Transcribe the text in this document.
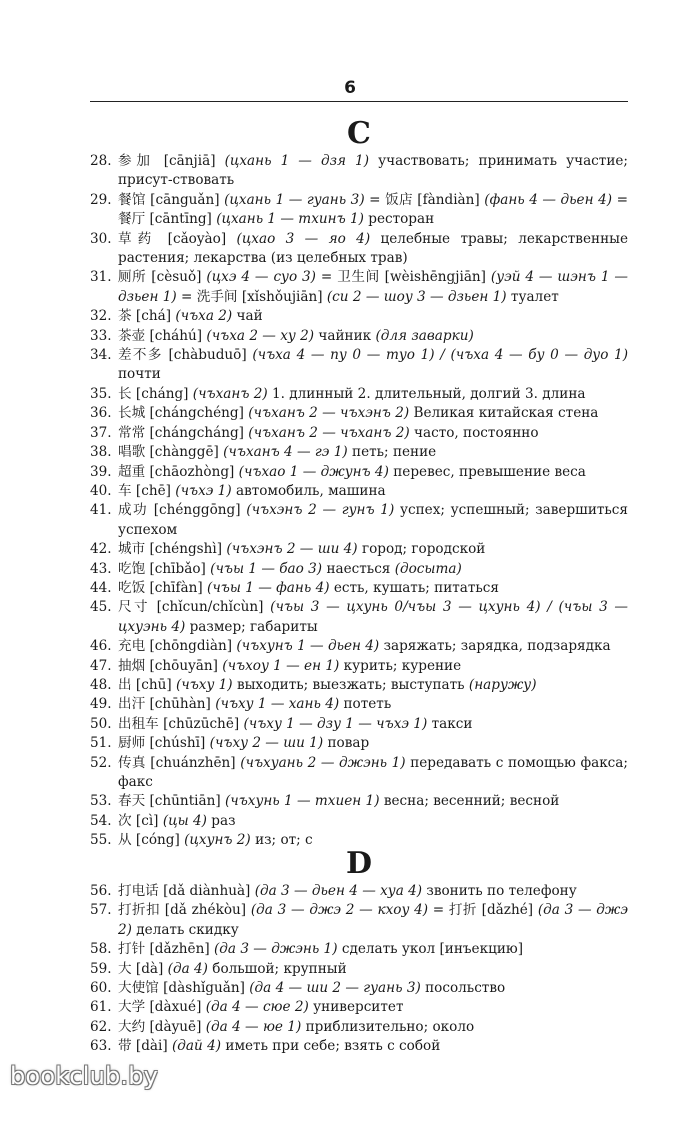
6
C
28. 参加 [cānjiā] (цхань 1 — дзя 1) участвовать; принимать участие; присут-ствовать
29. 餐馆 [cānguǎn] (цхань 1 — гуань 3) = 饭店 [fàndiàn] (фань 4 — дьен 4) = 餐厅 [cāntīng] (цхань 1 — тхинъ 1) ресторан
30. 草药 [cǎoyào] (цхао 3 — яо 4) целебные травы; лекарственные растения; лекарства (из целебных трав)
31. 厕所 [cèsuǒ] (цхэ 4 — суо 3) = 卫生间 [wèishēngjiān] (уэй 4 — шэнъ 1 — дзьен 1) = 洗手间 [xǐshǒujiān] (си 2 — шоу 3 — дзьен 1) туалет
32. 茶 [chá] (чъха 2) чай
33. 茶壶 [cháhú] (чъха 2 — ху 2) чайник (для заварки)
34. 差不多 [chàbuduō] (чъха 4 — пу 0 — туо 1) / (чъха 4 — бу 0 — дуо 1) почти
35. 长 [cháng] (чъханъ 2) 1. длинный 2. длительный, долгий 3. длина
36. 长城 [chángchéng] (чъханъ 2 — чъхэнъ 2) Великая китайская стена
37. 常常 [chángcháng] (чъханъ 2 — чъханъ 2) часто, постоянно
38. 唱歌 [chànggē] (чъханъ 4 — гэ 1) петь; пение
39. 超重 [chāozhòng] (чъхао 1 — джунъ 4) перевес, превышение веса
40. 车 [chē] (чъхэ 1) автомобиль, машина
41. 成功 [chénggōng] (чъхэнъ 2 — гунъ 1) успех; успешный; завершиться успехом
42. 城市 [chéngshì] (чъхэнъ 2 — ши 4) город; городской
43. 吃饱 [chībǎo] (чъы 1 — бао 3) наесться (досыта)
44. 吃饭 [chīfàn] (чъы 1 — фань 4) есть, кушать; питаться
45. 尺寸 [chǐcun/chǐcùn] (чъы 3 — цхунь 0/чъы 3 — цхунь 4) / (чъы 3 — цхуэнь 4) размер; габариты
46. 充电 [chōngdiàn] (чъхунъ 1 — дьен 4) заряжать; зарядка, подзарядка
47. 抽烟 [chōuyān] (чъхоу 1 — ен 1) курить; курение
48. 出 [chū] (чъху 1) выходить; выезжать; выступать (наружу)
49. 出汗 [chūhàn] (чъху 1 — хань 4) потеть
50. 出租车 [chūzūchē] (чъху 1 — дзу 1 — чъхэ 1) такси
51. 厨师 [chúshī] (чъху 2 — ши 1) повар
52. 传真 [chuánzhēn] (чъхуань 2 — джэнь 1) передавать с помощью факса; факс
53. 春天 [chūntiān] (чъхунь 1 — тхиен 1) весна; весенний; весной
54. 次 [cì] (цы 4) раз
55. 从 [cóng] (цхунъ 2) из; от; с
D
56. 打电话 [dǎ diànhuà] (да 3 — дьен 4 — хуа 4) звонить по телефону
57. 打折扣 [dǎ zhékòu] (да 3 — джэ 2 — кхоу 4) = 打折 [dǎzhé] (да 3 — джэ 2) делать скидку
58. 打针 [dǎzhēn] (да 3 — джэнь 1) сделать укол [инъекцию]
59. 大 [dà] (да 4) большой; крупный
60. 大使馆 [dàshǐguǎn] (да 4 — ши 2 — гуань 3) посольство
61. 大学 [dàxué] (да 4 — сюе 2) университет
62. 大约 [dàyuē] (да 4 — юе 1) приблизительно; около
63. 带 [dài] (дай 4) иметь при себе; взять с собой
bookclub.by
